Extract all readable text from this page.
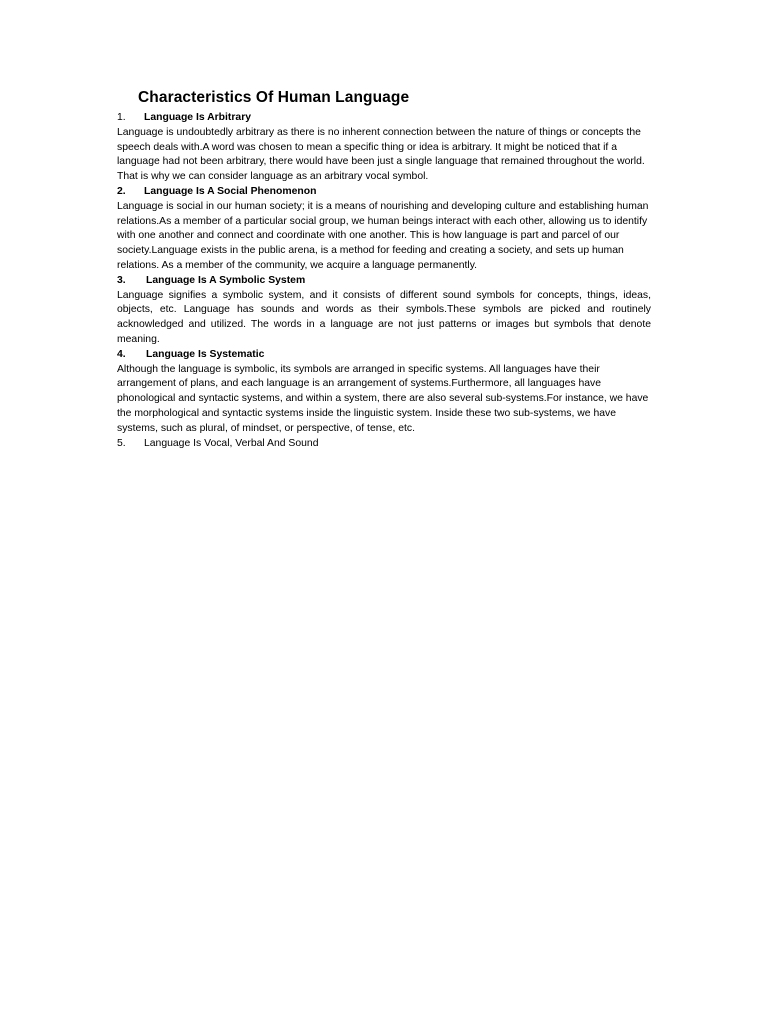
Characteristics Of Human Language
1.	Language Is Arbitrary

Language is undoubtedly arbitrary as there is no inherent connection between the nature of things or concepts the speech deals with.A word was chosen to mean a specific thing or idea is arbitrary. It might be noticed that if a language had not been arbitrary, there would have been just a single language that remained throughout the world. That is why we can consider language as an arbitrary vocal symbol.

2.	Language Is A Social Phenomenon

Language is social in our human society; it is a means of nourishing and developing culture and establishing human relations.As a member of a particular social group, we human beings interact with each other, allowing us to identify with one another and connect and coordinate with one another. This is how language is part and parcel of our society.Language exists in the public arena, is a method for feeding and creating a society, and sets up human relations. As a member of the community, we acquire a language permanently.

3.	Language Is A Symbolic System

Language signifies a symbolic system, and it consists of different sound symbols for concepts, things, ideas, objects, etc. Language has sounds and words as their symbols.These symbols are picked and routinely acknowledged and utilized. The words in a language are not just patterns or images but symbols that denote meaning.

4.	Language Is Systematic

Although the language is symbolic, its symbols are arranged in specific systems. All languages have their arrangement of plans, and each language is an arrangement of systems.Furthermore, all languages have phonological and syntactic systems, and within a system, there are also several sub-systems.For instance, we have the morphological and syntactic systems inside the linguistic system. Inside these two sub-systems, we have systems, such as plural, of mindset, or perspective, of tense, etc.

5.	Language Is Vocal, Verbal And Sound
